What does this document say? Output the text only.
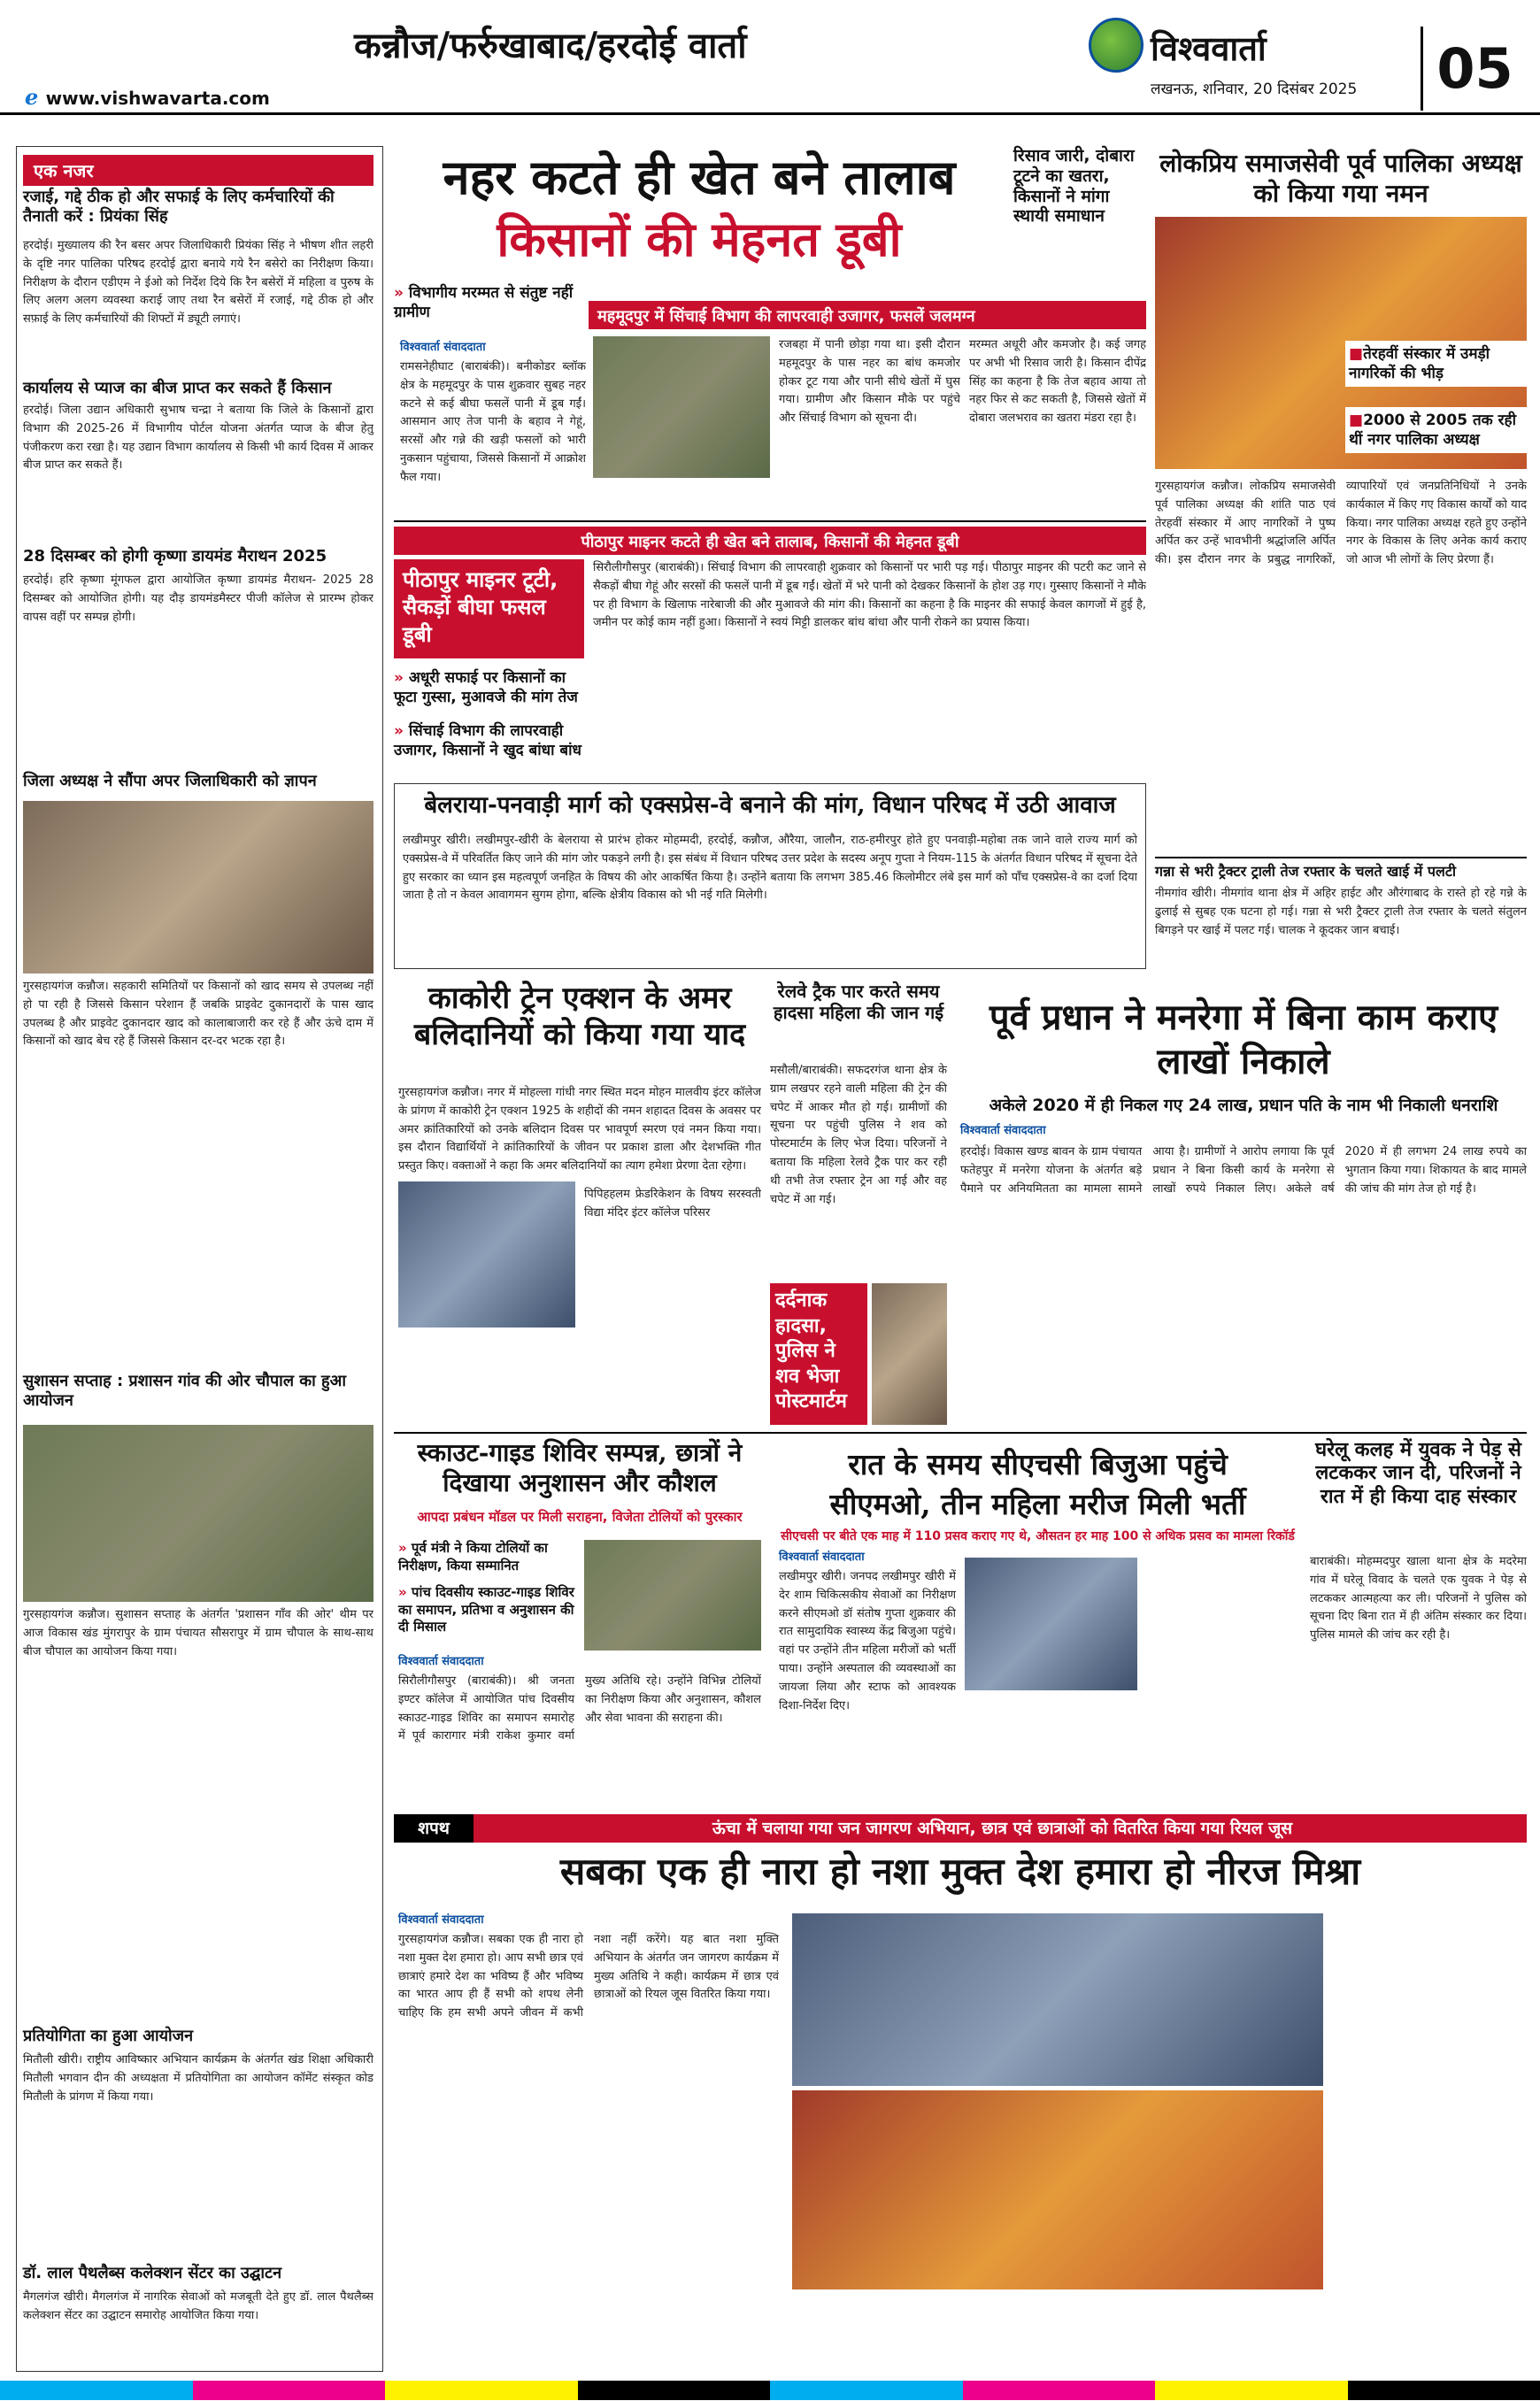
कन्नौज/फर्रुखाबाद/हरदोई वार्ता
ℯ www.vishwavarta.com
विश्ववार्ता
लखनऊ, शनिवार, 20 दिसंबर 2025 05
एक नजर
रजाई, गद्दे ठीक हो और सफाई के लिए कर्मचारियों की तैनाती करें : प्रियंका सिंह
हरदोई। मुख्यालय की रैन बसर अपर जिलाधिकारी प्रियंका सिंह ने भीषण शीत लहरी के दृष्टि नगर पालिका परिषद हरदोई द्वारा बनाये गये रैन बसेरो का निरीक्षण किया। निरीक्षण के दौरान एडीएम ने ईओ को निर्देश दिये कि रैन बसेरों में महिला व पुरुष के लिए अलग अलग व्यवस्था कराई जाए तथा रैन बसेरों में रजाई, गद्दे ठीक हो और सफ़ाई के लिए कर्मचारियों की शिफ्टों में ड्यूटी लगाएं।
कार्यालय से प्याज का बीज प्राप्त कर सकते हैं किसान
हरदोई। जिला उद्यान अधिकारी सुभाष चन्द्रा ने बताया कि जिले के किसानों द्वारा विभाग की 2025-26 में विभागीय पोर्टल योजना अंतर्गत प्याज के बीज हेतु पंजीकरण करा रखा है। यह उद्यान विभाग कार्यालय से किसी भी कार्य दिवस में आकर बीज प्राप्त कर सकते हैं।
28 दिसम्बर को होगी कृष्णा डायमंड मैराथन 2025
हरदोई। हरि कृष्णा मूंगफल द्वारा आयोजित कृष्णा डायमंड मैराथन- 2025 28 दिसम्बर को आयोजित होगी। यह दौड़ डायमंडमैस्टर पीजी कॉलेज से प्रारम्भ होकर वापस वहीं पर सम्पन्न होगी।
जिला अध्यक्ष ने सौंपा अपर जिलाधिकारी को ज्ञापन
गुरसहायगंज कन्नौज। सहकारी समितियों पर किसानों को खाद समय से उपलब्ध नहीं हो पा रही है जिससे किसान परेशान हैं जबकि प्राइवेट दुकानदारों के पास खाद उपलब्ध है और प्राइवेट दुकानदार खाद को कालाबाजारी कर रहे हैं और ऊंचे दाम में किसानों को खाद बेच रहे हैं जिससे किसान दर-दर भटक रहा है।
सुशासन सप्ताह : प्रशासन गांव की ओर चौपाल का हुआ आयोजन
गुरसहायगंज कन्नौज। सुशासन सप्ताह के अंतर्गत 'प्रशासन गाँव की ओर' थीम पर आज विकास खंड मुंगरापुर के ग्राम पंचायत सौसरापुर में ग्राम चौपाल के साथ-साथ बीज चौपाल का आयोजन किया गया।
प्रतियोगिता का हुआ आयोजन
मितौली खीरी। राष्ट्रीय आविष्कार अभियान कार्यक्रम के अंतर्गत खंड शिक्षा अधिकारी मितौली भगवान दीन की अध्यक्षता में प्रतियोगिता का आयोजन कॉमेंट संस्कृत कोड मितौली के प्रांगण में किया गया।
डॉ. लाल पैथलैब्स कलेक्शन सेंटर का उद्घाटन
मैगलगंज खीरी। मैगलगंज में नागरिक सेवाओं को मजबूती देते हुए डॉ. लाल पैथलैब्स कलेक्शन सेंटर का उद्घाटन समारोह आयोजित किया गया।
नहर कटते ही खेत बने तालाब
किसानों की मेहनत डूबी
रिसाव जारी, दोबारा टूटने का खतरा, किसानों ने मांगा स्थायी समाधान
» विभागीय मरम्मत से संतुष्ट नहीं ग्रामीण	महमूदपुर में सिंचाई विभाग की लापरवाही उजागर, फसलें जलमग्न
विश्ववार्ता संवाददाता
रामसनेहीघाट (बाराबंकी)। बनीकोडर ब्लॉक क्षेत्र के महमूदपुर के पास शुक्रवार सुबह नहर कटने से कई बीघा फसलें पानी में डूब गईं। आसमान आए तेज पानी के बहाव ने गेहूं, सरसों और गन्ने की खड़ी फसलों को भारी नुकसान पहुंचाया, जिससे किसानों में आक्रोश फैल गया।
रजबहा में पानी छोड़ा गया था। इसी दौरान महमूदपुर के पास नहर का बांध कमजोर होकर टूट गया और पानी सीधे खेतों में घुस गया। ग्रामीण और किसान मौके पर पहुंचे और सिंचाई विभाग को सूचना दी।
मरम्मत अधूरी और कमजोर है। कई जगह पर अभी भी रिसाव जारी है। किसान दीपेंद्र सिंह का कहना है कि तेज बहाव आया तो नहर फिर से कट सकती है, जिससे खेतों में दोबारा जलभराव का खतरा मंडरा रहा है।
पीठापुर माइनर कटते ही खेत बने तालाब, किसानों की मेहनत डूबी
पीठापुर माइनर टूटी, सैकड़ों बीघा फसल डूबी
» अधूरी सफाई पर किसानों का फूटा गुस्सा, मुआवजे की मांग तेज
» सिंचाई विभाग की लापरवाही उजागर, किसानों ने खुद बांधा बांध
सिरौलीगौसपुर (बाराबंकी)। सिंचाई विभाग की लापरवाही शुक्रवार को किसानों पर भारी पड़ गई। पीठापुर माइनर की पटरी कट जाने से सैकड़ों बीघा गेहूं और सरसों की फसलें पानी में डूब गईं। खेतों में भरे पानी को देखकर किसानों के होश उड़ गए। गुस्साए किसानों ने मौके पर ही विभाग के खिलाफ नारेबाजी की और मुआवजे की मांग की। किसानों का कहना है कि माइनर की सफाई केवल कागजों में हुई है, जमीन पर कोई काम नहीं हुआ। किसानों ने स्वयं मिट्टी डालकर बांध बांधा और पानी रोकने का प्रयास किया।
लोकप्रिय समाजसेवी पूर्व पालिका अध्यक्ष को किया गया नमन
■तेरहवीं संस्कार में उमड़ी नागरिकों की भीड़
■2000 से 2005 तक रही थीं नगर पालिका अध्यक्ष
गुरसहायगंज कन्नौज। लोकप्रिय समाजसेवी पूर्व पालिका अध्यक्ष की शांति पाठ एवं तेरहवीं संस्कार में आए नागरिकों ने पुष्प अर्पित कर उन्हें भावभीनी श्रद्धांजलि अर्पित की। इस दौरान नगर के प्रबुद्ध नागरिकों, व्यापारियों एवं जनप्रतिनिधियों ने उनके कार्यकाल में किए गए विकास कार्यों को याद किया। नगर पालिका अध्यक्ष रहते हुए उन्होंने नगर के विकास के लिए अनेक कार्य कराए जो आज भी लोगों के लिए प्रेरणा हैं।
गन्ना से भरी ट्रैक्टर ट्राली तेज रफ्तार के चलते खाई में पलटी
नीमगांव खीरी। नीमगांव थाना क्षेत्र में अहिर हाईट और औरंगाबाद के रास्ते हो रहे गन्ने के ढुलाई से सुबह एक घटना हो गई। गन्ना से भरी ट्रैक्टर ट्राली तेज रफ्तार के चलते संतुलन बिगड़ने पर खाई में पलट गई। चालक ने कूदकर जान बचाई।
बेलराया-पनवाड़ी मार्ग को एक्सप्रेस-वे बनाने की मांग, विधान परिषद में उठी आवाज
लखीमपुर खीरी। लखीमपुर-खीरी के बेलराया से प्रारंभ होकर मोहम्मदी, हरदोई, कन्नौज, औरैया, जालौन, राठ-हमीरपुर होते हुए पनवाड़ी-महोबा तक जाने वाले राज्य मार्ग को एक्सप्रेस-वे में परिवर्तित किए जाने की मांग जोर पकड़ने लगी है। इस संबंध में विधान परिषद उत्तर प्रदेश के सदस्य अनूप गुप्ता ने नियम-115 के अंतर्गत विधान परिषद में सूचना देते हुए सरकार का ध्यान इस महत्वपूर्ण जनहित के विषय की ओर आकर्षित किया है। उन्होंने बताया कि लगभग 385.46 किलोमीटर लंबे इस मार्ग को पाँच एक्सप्रेस-वे का दर्जा दिया जाता है तो न केवल आवागमन सुगम होगा, बल्कि क्षेत्रीय विकास को भी नई गति मिलेगी।
काकोरी ट्रेन एक्शन के अमर बलिदानियों को किया गया याद
गुरसहायगंज कन्नौज। नगर में मोहल्ला गांधी नगर स्थित मदन मोहन मालवीय इंटर कॉलेज के प्रांगण में काकोरी ट्रेन एक्शन 1925 के शहीदों की नमन शहादत दिवस के अवसर पर अमर क्रांतिकारियों को उनके बलिदान दिवस पर भावपूर्ण स्मरण एवं नमन किया गया। इस दौरान विद्यार्थियों ने क्रांतिकारियों के जीवन पर प्रकाश डाला और देशभक्ति गीत प्रस्तुत किए। वक्ताओं ने कहा कि अमर बलिदानियों का त्याग हमेशा प्रेरणा देता रहेगा।
पिपिहहलम फ्रेडरिकेशन के विषय सरस्वती विद्या मंदिर इंटर कॉलेज परिसर
रेलवे ट्रैक पार करते समय हादसा महिला की जान गई
दर्दनाक हादसा, पुलिस ने शव भेजा पोस्टमार्टम
मसौली/बाराबंकी। सफदरगंज थाना क्षेत्र के ग्राम लखपर रहने वाली महिला की ट्रेन की चपेट में आकर मौत हो गई। ग्रामीणों की सूचना पर पहुंची पुलिस ने शव को पोस्टमार्टम के लिए भेज दिया। परिजनों ने बताया कि महिला रेलवे ट्रैक पार कर रही थी तभी तेज रफ्तार ट्रेन आ गई और वह चपेट में आ गई।
पूर्व प्रधान ने मनरेगा में बिना काम कराए लाखों निकाले
अकेले 2020 में ही निकल गए 24 लाख, प्रधान पति के नाम भी निकाली धनराशि
विश्ववार्ता संवाददाता
हरदोई। विकास खण्ड बावन के ग्राम पंचायत फतेहपुर में मनरेगा योजना के अंतर्गत बड़े पैमाने पर अनियमितता का मामला सामने आया है। ग्रामीणों ने आरोप लगाया कि पूर्व प्रधान ने बिना किसी कार्य के मनरेगा से लाखों रुपये निकाल लिए। अकेले वर्ष 2020 में ही लगभग 24 लाख रुपये का भुगतान किया गया। शिकायत के बाद मामले की जांच की मांग तेज हो गई है।
स्काउट-गाइड शिविर सम्पन्न, छात्रों ने दिखाया अनुशासन और कौशल
आपदा प्रबंधन मॉडल पर मिली सराहना, विजेता टोलियों को पुरस्कार
» पूर्व मंत्री ने किया टोलियों का निरीक्षण, किया सम्मानित
» पांच दिवसीय स्काउट-गाइड शिविर का समापन, प्रतिभा व अनुशासन की दी मिसाल
विश्ववार्ता संवाददाता
सिरौलीगौसपुर (बाराबंकी)। श्री जनता इण्टर कॉलेज में आयोजित पांच दिवसीय स्काउट-गाइड शिविर का समापन समारोह में पूर्व कारागार मंत्री राकेश कुमार वर्मा मुख्य अतिथि रहे। उन्होंने विभिन्न टोलियों का निरीक्षण किया और अनुशासन, कौशल और सेवा भावना की सराहना की।
रात के समय सीएचसी बिजुआ पहुंचे
सीएमओ, तीन महिला मरीज मिली भर्ती
सीएचसी पर बीते एक माह में 110 प्रसव कराए गए थे, औसतन हर माह 100 से अधिक प्रसव का मामला रिकॉर्ड
विश्ववार्ता संवाददाता
लखीमपुर खीरी। जनपद लखीमपुर खीरी में देर शाम चिकित्सकीय सेवाओं का निरीक्षण करने सीएमओ डॉ संतोष गुप्ता शुक्रवार की रात सामुदायिक स्वास्थ्य केंद्र बिजुआ पहुंचे। वहां पर उन्होंने तीन महिला मरीजों को भर्ती पाया। उन्होंने अस्पताल की व्यवस्थाओं का जायजा लिया और स्टाफ को आवश्यक दिशा-निर्देश दिए।
घरेलू कलह में युवक ने पेड़ से लटककर जान दी, परिजनों ने रात में ही किया दाह संस्कार
बाराबंकी। मोहम्मदपुर खाला थाना क्षेत्र के मदरेमा गांव में घरेलू विवाद के चलते एक युवक ने पेड़ से लटककर आत्महत्या कर ली। परिजनों ने पुलिस को सूचना दिए बिना रात में ही अंतिम संस्कार कर दिया। पुलिस मामले की जांच कर रही है।
शपथ	ऊंचा में चलाया गया जन जागरण अभियान, छात्र एवं छात्राओं को वितरित किया गया रियल जूस
सबका एक ही नारा हो नशा मुक्त देश हमारा हो नीरज मिश्रा
विश्ववार्ता संवाददाता
गुरसहायगंज कन्नौज। सबका एक ही नारा हो नशा मुक्त देश हमारा हो। आप सभी छात्र एवं छात्राएं हमारे देश का भविष्य हैं और भविष्य का भारत आप ही हैं सभी को शपथ लेनी चाहिए कि हम सभी अपने जीवन में कभी नशा नहीं करेंगे। यह बात नशा मुक्ति अभियान के अंतर्गत जन जागरण कार्यक्रम में मुख्य अतिथि ने कही। कार्यक्रम में छात्र एवं छात्राओं को रियल जूस वितरित किया गया।
